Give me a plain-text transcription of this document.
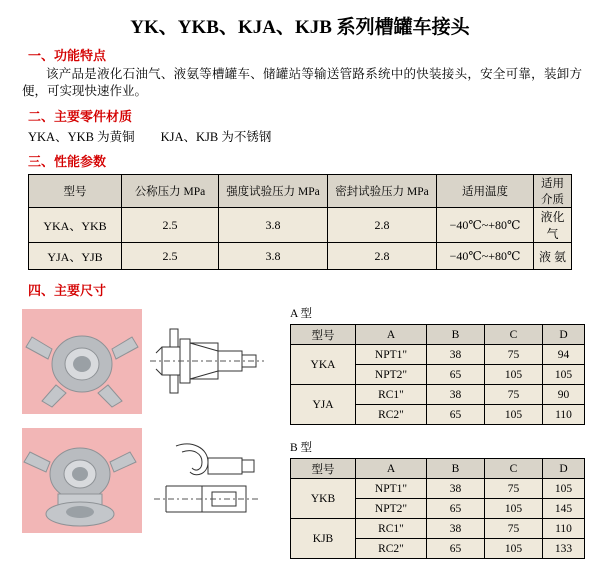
YK、YKB、KJA、KJB 系列槽罐车接头
一、功能特点
该产品是液化石油气、液氨等槽罐车、储罐站等输送管路系统中的快装接头，安全可靠，装卸方便，可实现快速作业。
二、主要零件材质
YKA、YKB 为黄铜 KJA、KJB 为不锈钢
三、性能参数
型号	公称压力 MPa	强度试验压力 MPa	密封试验压力 MPa	适用温度	适用介质
YKA、YKB	2.5	3.8	2.8	−40℃~+80℃	液化气
YJA、YJB	2.5	3.8	2.8	−40℃~+80℃	液 氨
四、主要尺寸

A 型
型号	A	B	C	D
YKA	NPT1"	38	75	94
	NPT2"	65	105	105
YJA	RC1"	38	75	90
	RC2"	65	105	110
B 型
型号	A	B	C	D
YKB	NPT1"	38	75	105
	NPT2"	65	105	145
KJB	RC1"	38	75	110
	RC2"	65	105	133
